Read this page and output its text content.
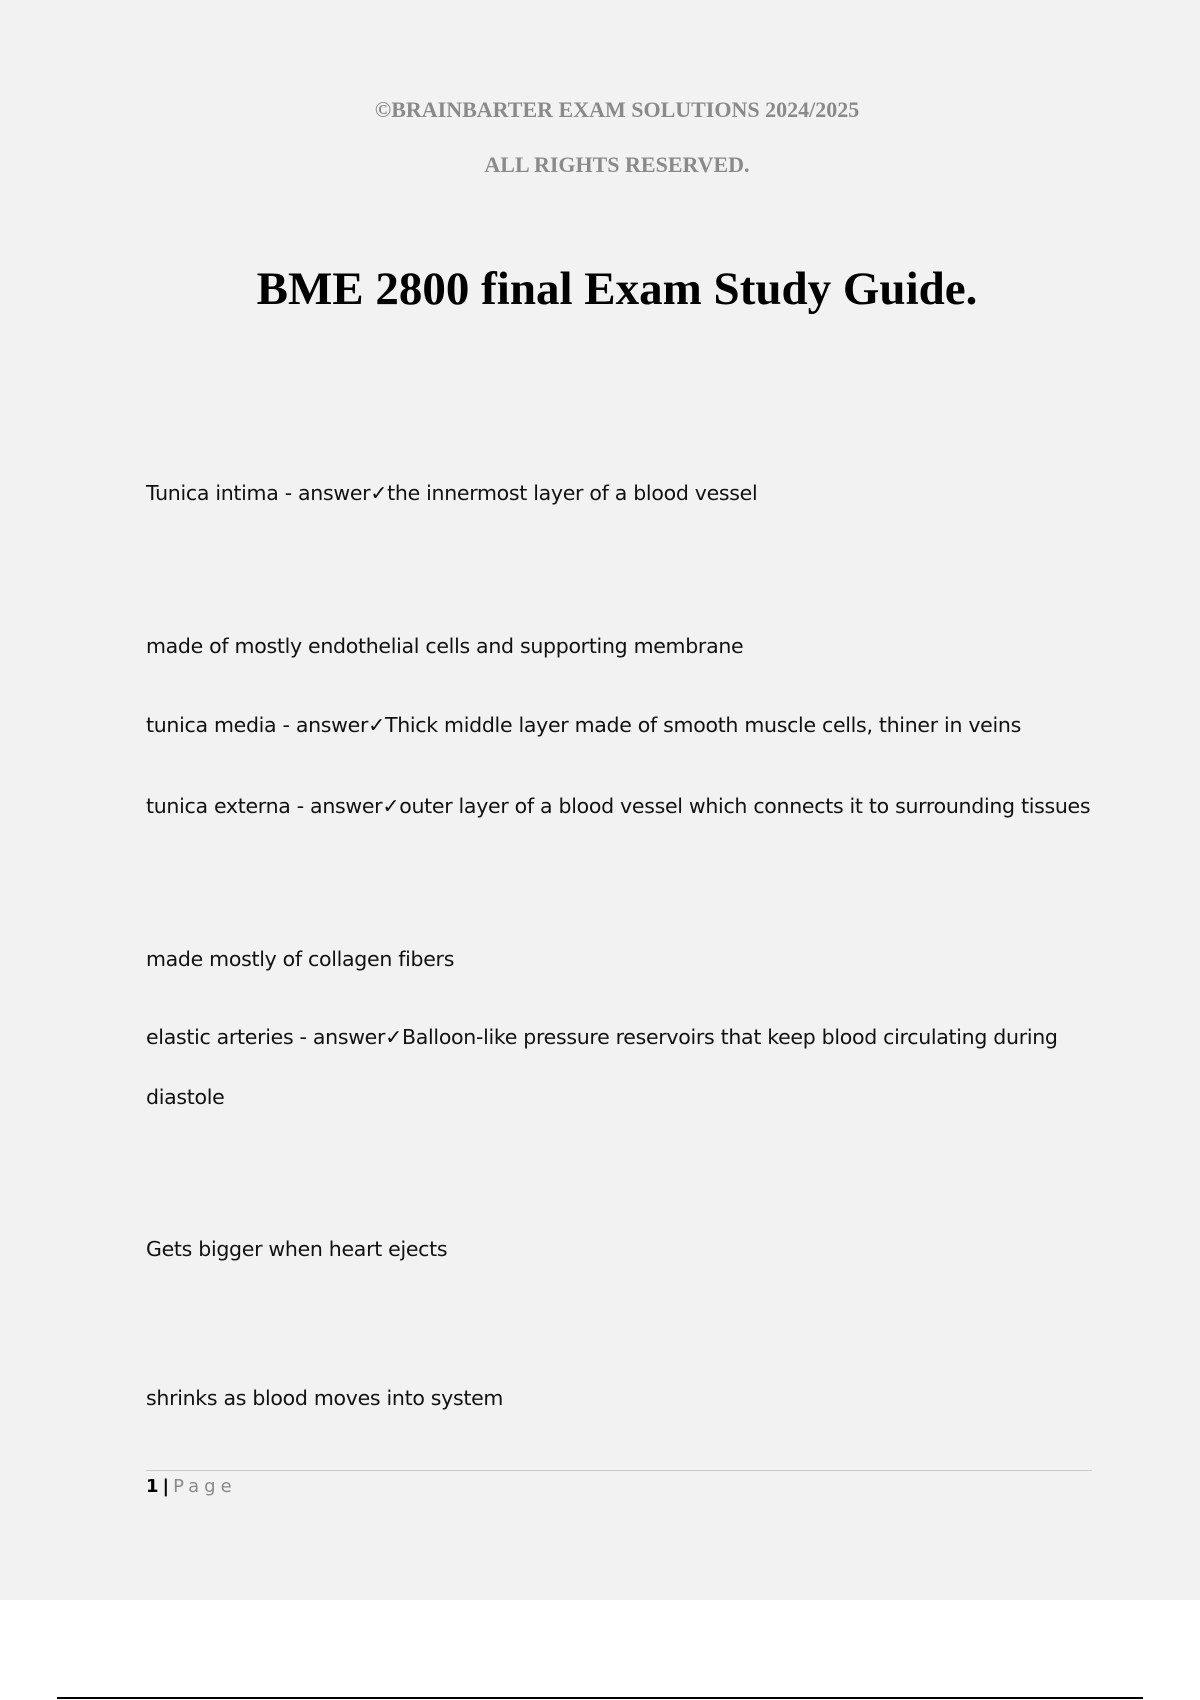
©BRAINBARTER EXAM SOLUTIONS 2024/2025
ALL RIGHTS RESERVED.
BME 2800 final Exam Study Guide.
Tunica intima - answer✓the innermost layer of a blood vessel
made of mostly endothelial cells and supporting membrane
tunica media - answer✓Thick middle layer made of smooth muscle cells, thiner in veins
tunica externa - answer✓outer layer of a blood vessel which connects it to surrounding tissues
made mostly of collagen fibers
elastic arteries - answer✓Balloon-like pressure reservoirs that keep blood circulating during
diastole
Gets bigger when heart ejects
shrinks as blood moves into system
1 | Page
